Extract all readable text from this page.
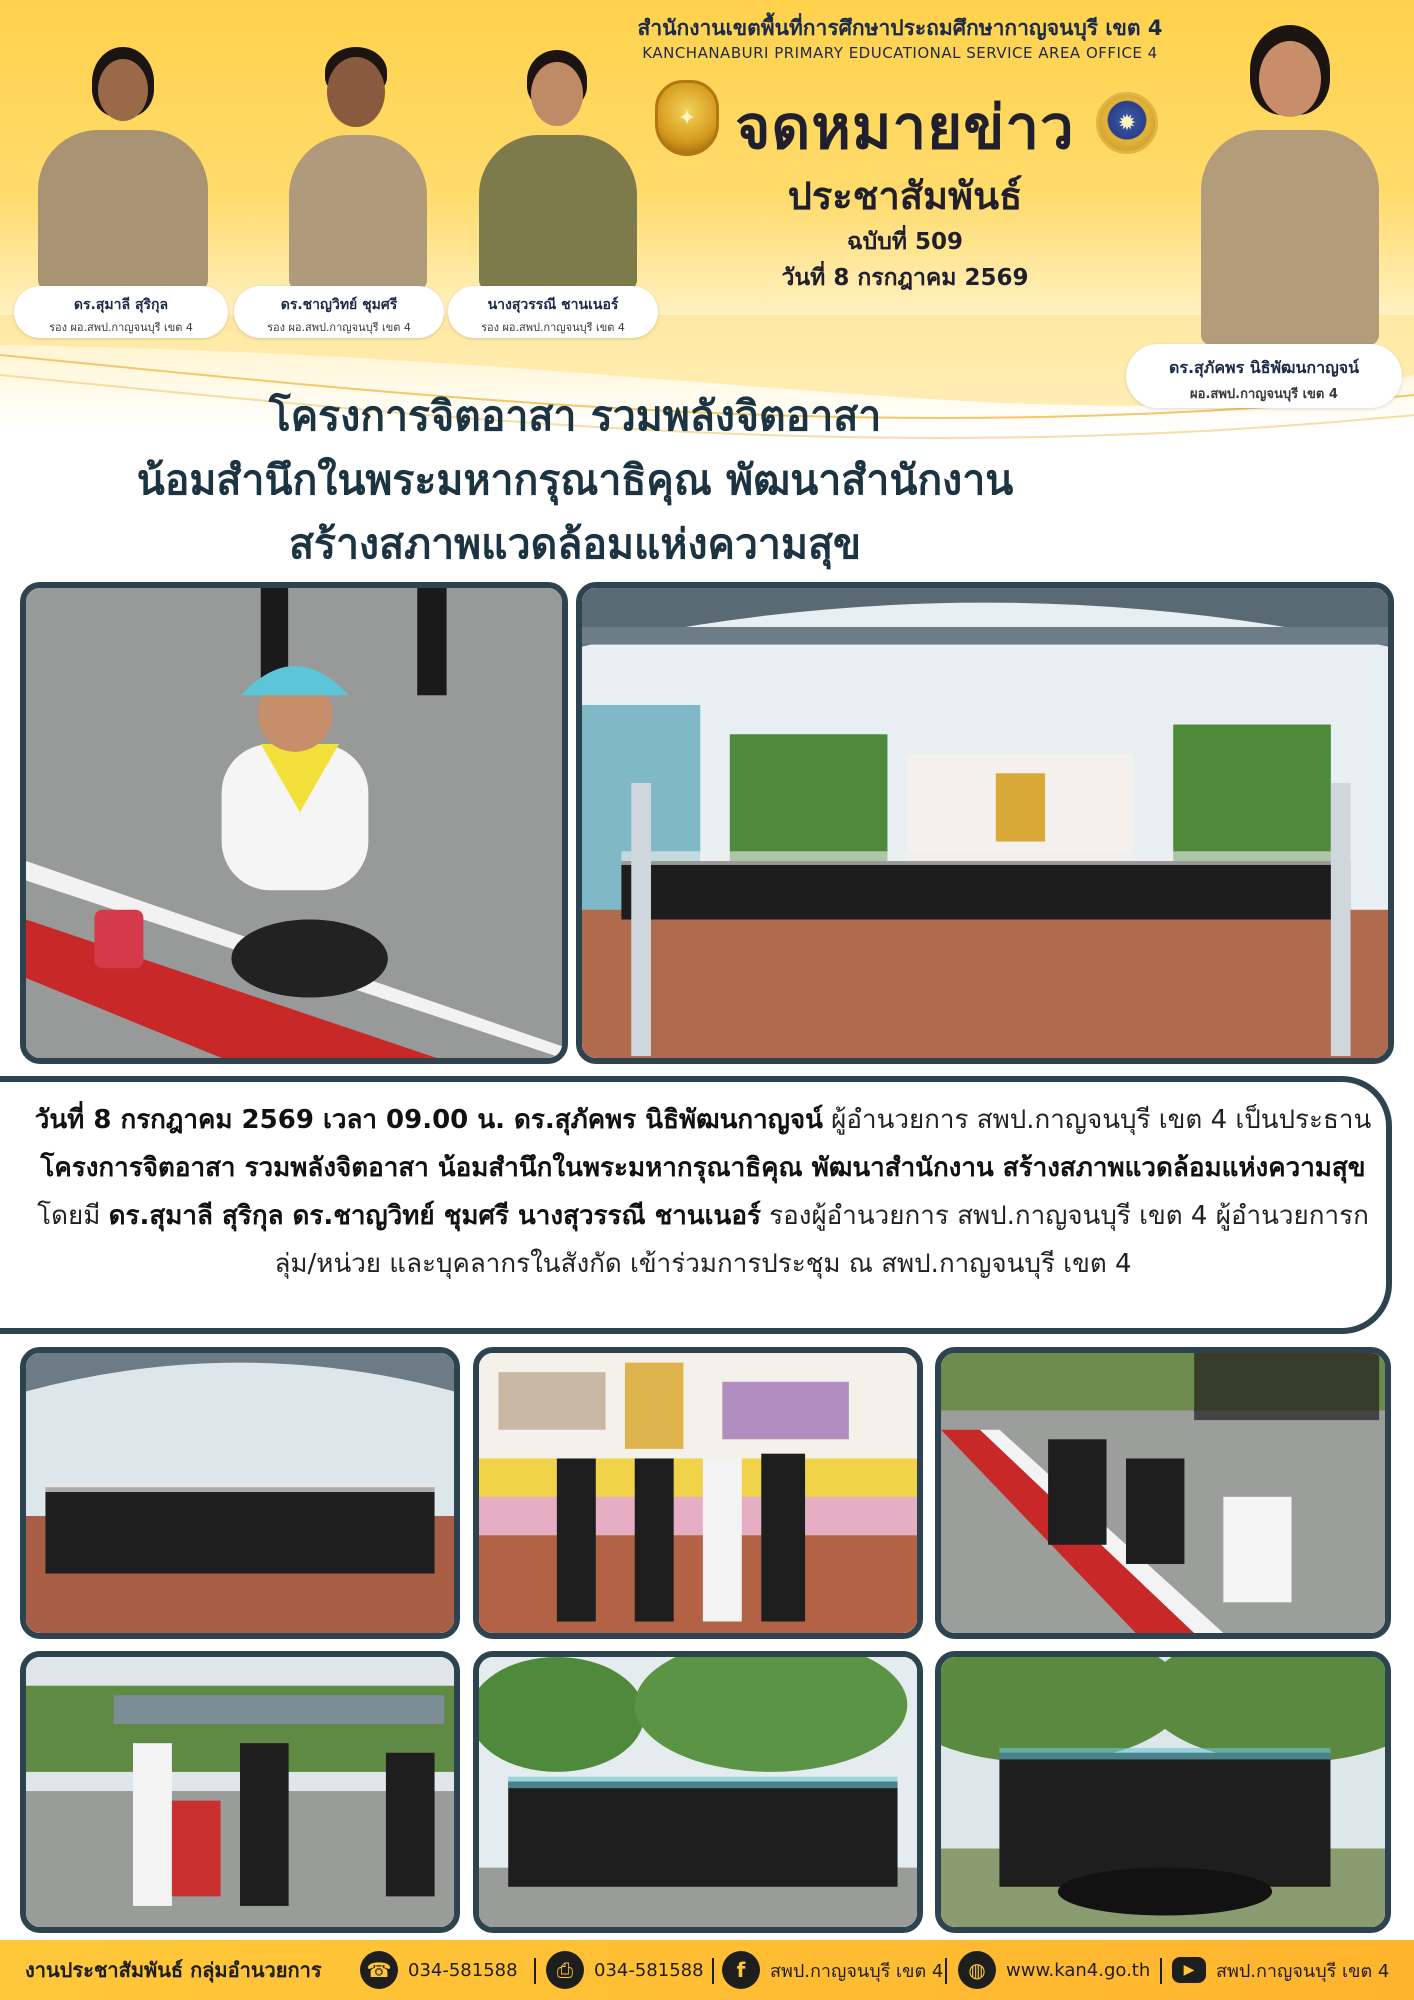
สำนักงานเขตพื้นที่การศึกษาประถมศึกษากาญจนบุรี เขต 4
KANCHANABURI PRIMARY EDUCATIONAL SERVICE AREA OFFICE 4
✦	✹
จดหมายข่าว
ประชาสัมพันธ์
ฉบับที่ 509
วันที่ 8 กรกฎาคม 2569
ดร.สุมาลี สุริกุล
รอง ผอ.สพป.กาญจนบุรี เขต 4
ดร.ชาญวิทย์ ชุมศรี
รอง ผอ.สพป.กาญจนบุรี เขต 4
นางสุวรรณี ชานเนอร์
รอง ผอ.สพป.กาญจนบุรี เขต 4
ดร.สุภัคพร นิธิพัฒนกาญจน์
ผอ.สพป.กาญจนบุรี เขต 4
โครงการจิตอาสา รวมพลังจิตอาสา
น้อมสำนึกในพระมหากรุณาธิคุณ พัฒนาสำนักงาน
สร้างสภาพแวดล้อมแห่งความสุข
วันที่ 8 กรกฎาคม 2569 เวลา 09.00 น. ดร.สุภัคพร นิธิพัฒนกาญจน์ ผู้อำนวยการ สพป.กาญจนบุรี เขต 4 เป็นประธานโครงการจิตอาสา รวมพลังจิตอาสา น้อมสำนึกในพระมหากรุณาธิคุณ พัฒนาสำนักงาน สร้างสภาพแวดล้อมแห่งความสุข โดยมี ดร.สุมาลี สุริกุล ดร.ชาญวิทย์ ชุมศรี นางสุวรรณี ชานเนอร์ รองผู้อำนวยการ สพป.กาญจนบุรี เขต 4 ผู้อำนวยการกลุ่ม/หน่วย และบุคลากรในสังกัด เข้าร่วมการประชุม ณ สพป.กาญจนบุรี เขต 4
งานประชาสัมพันธ์ กลุ่มอำนวยการ	☎ 034-581588	⎙	034-581588	f	สพป.กาญจนบุรี เขต 4	◍	www.kan4.go.th	▶	สพป.กาญจนบุรี เขต 4
